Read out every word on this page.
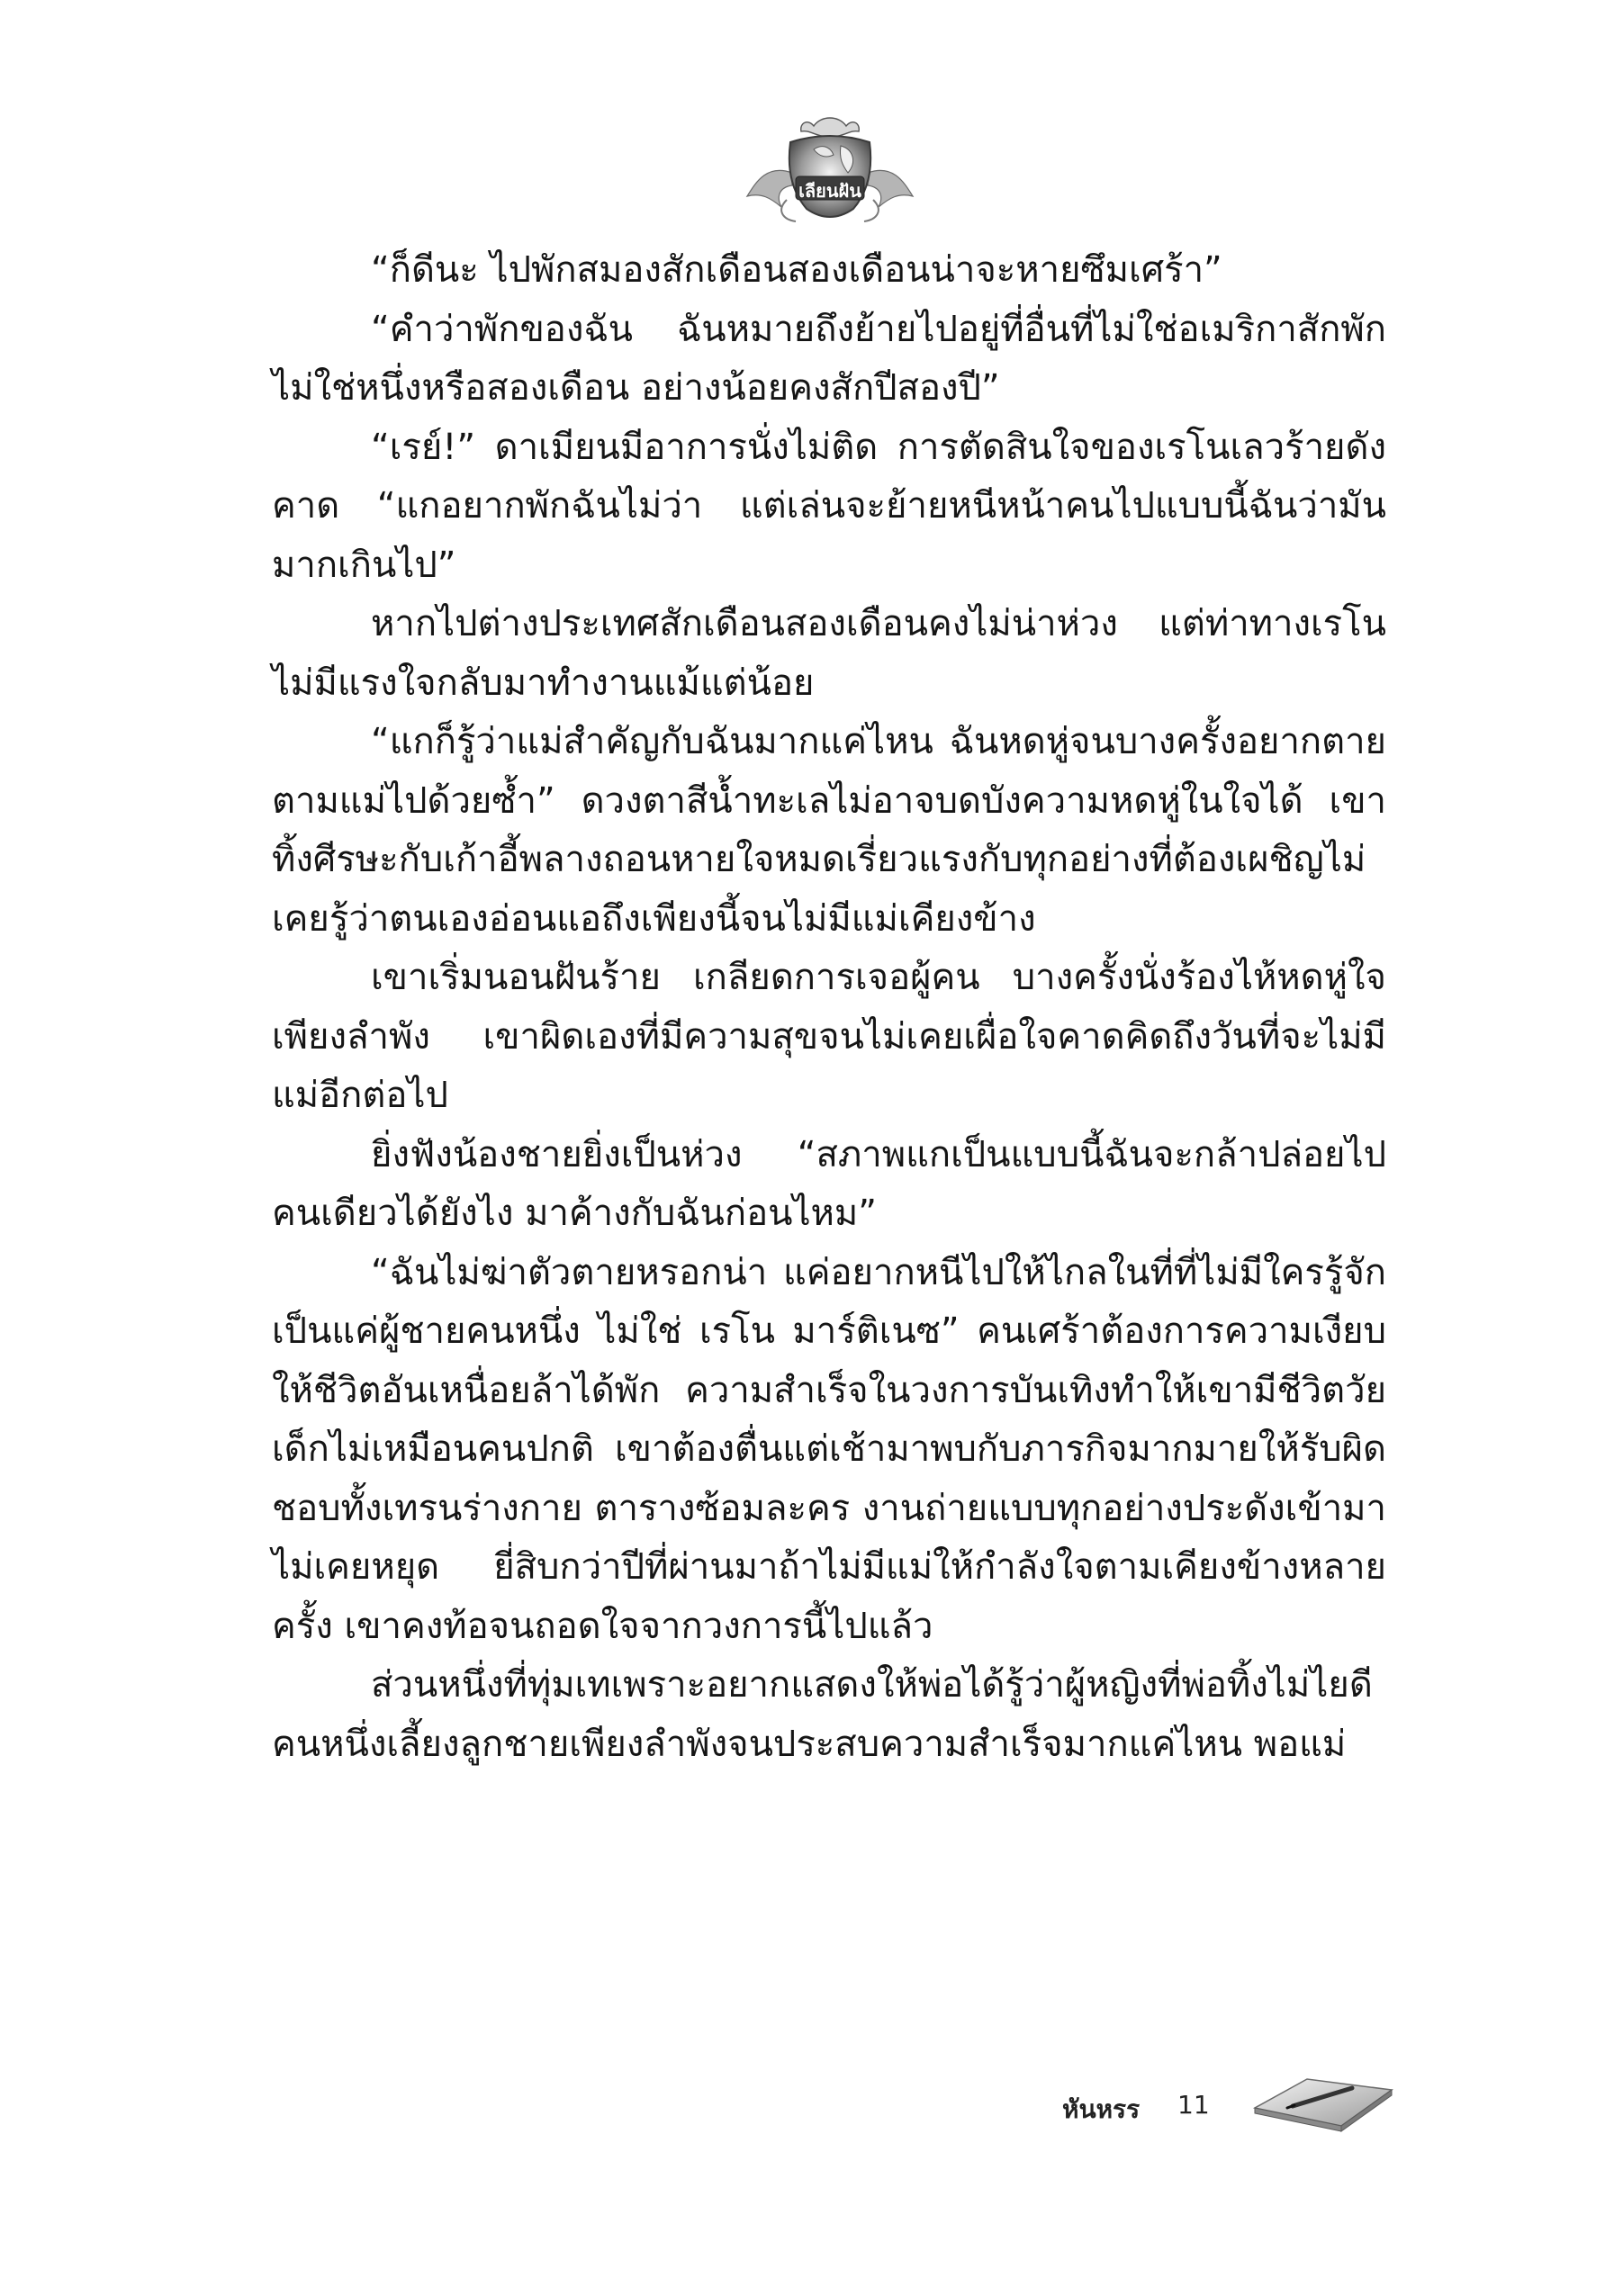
เลียนฝัน

“ก็ดีนะ ไปพักสมองสักเดือนสองเดือนน่าจะหายซึมเศร้า”

“คำว่าพักของฉัน ฉันหมายถึงย้ายไปอยู่ที่อื่นที่ไม่ใช่อเมริกาสักพัก ไม่ใช่หนึ่งหรือสองเดือน อย่างน้อยคงสักปีสองปี”

“เรย์!” ดาเมียนมีอาการนั่งไม่ติด การตัดสินใจของเรโนเลวร้ายดังคาด “แกอยากพักฉันไม่ว่า แต่เล่นจะย้ายหนีหน้าคนไปแบบนี้ฉันว่ามันมากเกินไป”

หากไปต่างประเทศสักเดือนสองเดือนคงไม่น่าห่วง แต่ท่าทางเรโนไม่มีแรงใจกลับมาทำงานแม้แต่น้อย

“แกก็รู้ว่าแม่สำคัญกับฉันมากแค่ไหน ฉันหดหู่จนบางครั้งอยากตายตามแม่ไปด้วยซ้ำ” ดวงตาสีน้ำทะเลไม่อาจบดบังความหดหู่ในใจได้ เขาทิ้งศีรษะกับเก้าอี้พลางถอนหายใจหมดเรี่ยวแรงกับทุกอย่างที่ต้องเผชิญไม่เคยรู้ว่าตนเองอ่อนแอถึงเพียงนี้จนไม่มีแม่เคียงข้าง

เขาเริ่มนอนฝันร้าย เกลียดการเจอผู้คน บางครั้งนั่งร้องไห้หดหู่ใจเพียงลำพัง เขาผิดเองที่มีความสุขจนไม่เคยเผื่อใจคาดคิดถึงวันที่จะไม่มีแม่อีกต่อไป

ยิ่งฟังน้องชายยิ่งเป็นห่วง “สภาพแกเป็นแบบนี้ฉันจะกล้าปล่อยไปคนเดียวได้ยังไง มาค้างกับฉันก่อนไหม”

“ฉันไม่ฆ่าตัวตายหรอกน่า แค่อยากหนีไปให้ไกลในที่ที่ไม่มีใครรู้จักเป็นแค่ผู้ชายคนหนึ่ง ไม่ใช่ เรโน มาร์ติเนซ” คนเศร้าต้องการความเงียบให้ชีวิตอันเหนื่อยล้าได้พัก ความสำเร็จในวงการบันเทิงทำให้เขามีชีวิตวัยเด็กไม่เหมือนคนปกติ เขาต้องตื่นแต่เช้ามาพบกับภารกิจมากมายให้รับผิดชอบทั้งเทรนร่างกาย ตารางซ้อมละคร งานถ่ายแบบทุกอย่างประดังเข้ามาไม่เคยหยุด ยี่สิบกว่าปีที่ผ่านมาถ้าไม่มีแม่ให้กำลังใจตามเคียงข้างหลายครั้ง เขาคงท้อจนถอดใจจากวงการนี้ไปแล้ว

ส่วนหนึ่งที่ทุ่มเทเพราะอยากแสดงให้พ่อได้รู้ว่าผู้หญิงที่พ่อทิ้งไม่ไยดีคนหนึ่งเลี้ยงลูกชายเพียงลำพังจนประสบความสำเร็จมากแค่ไหน พอแม่

หันหรร 11
